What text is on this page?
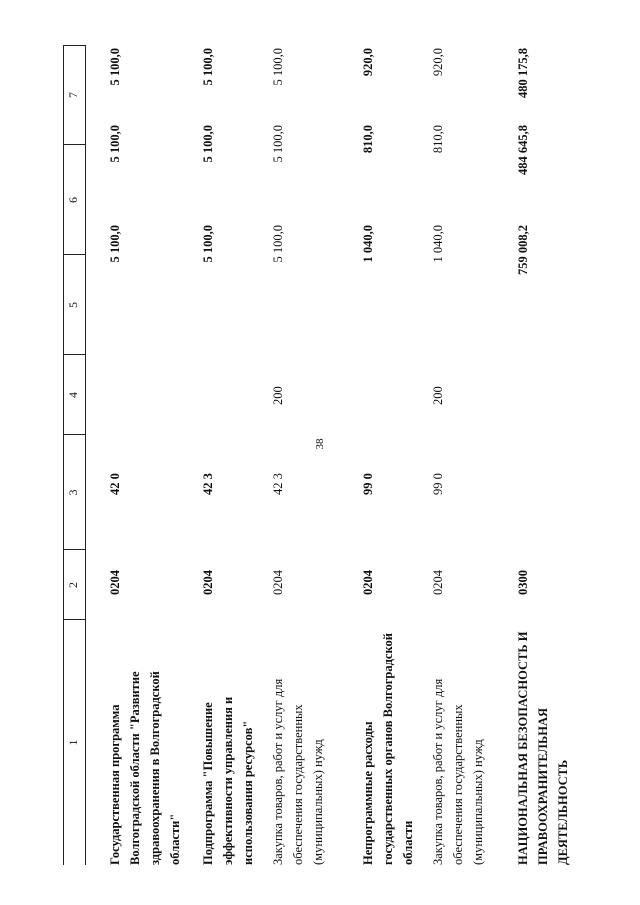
38
1
2
3
4
5
6
7
Государственная программа Волгоградской области "Развитие здравоохранения в Волгоградской области"
0204
42 0
5 100,0
5 100,0
5 100,0
Подпрограмма "Повышение эффективности управления и использования ресурсов"
0204
42 3
5 100,0
5 100,0
5 100,0
Закупка товаров, работ и услуг для обеспечения государственных (муниципальных) нужд
0204
42 3
200
5 100,0
5 100,0
5 100,0
Непрограммные расходы государственных органов Волгоградской области
0204
99 0
1 040,0
810,0
920,0
Закупка товаров, работ и услуг для обеспечения государственных (муниципальных) нужд
0204
99 0
200
1 040,0
810,0
920,0
НАЦИОНАЛЬНАЯ БЕЗОПАСНОСТЬ И ПРАВООХРАНИТЕЛЬНАЯ ДЕЯТЕЛЬНОСТЬ
0300
759 008,2
484 645,8
480 175,8
